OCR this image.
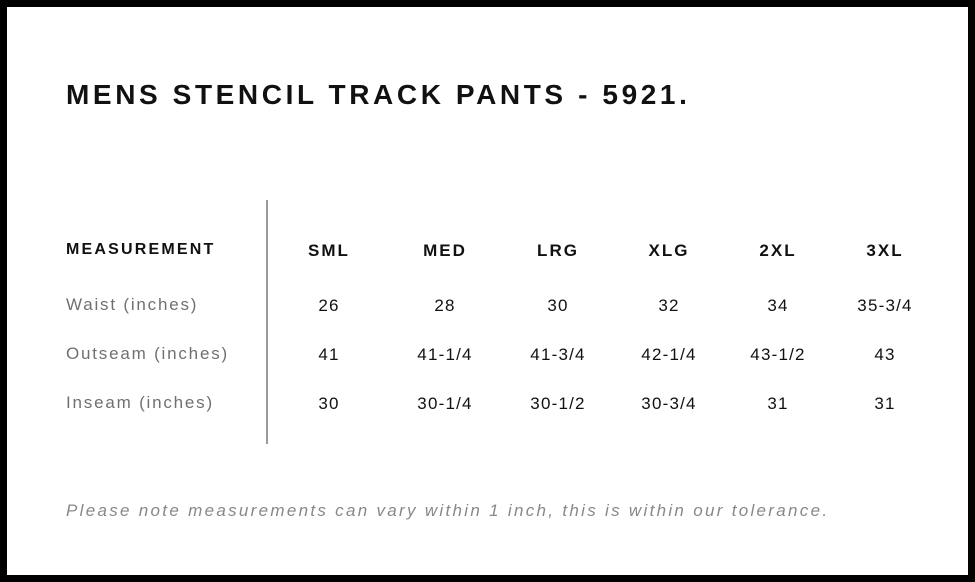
MENS STENCIL TRACK PANTS - 5921.
MEASUREMENT	SML	MED	LRG	XLG	2XL	3XL
Waist (inches)	26	28	30	32	34	35-3/4
Outseam (inches)	41	41-1/4	41-3/4	42-1/4	43-1/2	43
Inseam (inches)	30	30-1/4	30-1/2	30-3/4	31	31
Please note measurements can vary within 1 inch, this is within our tolerance.
